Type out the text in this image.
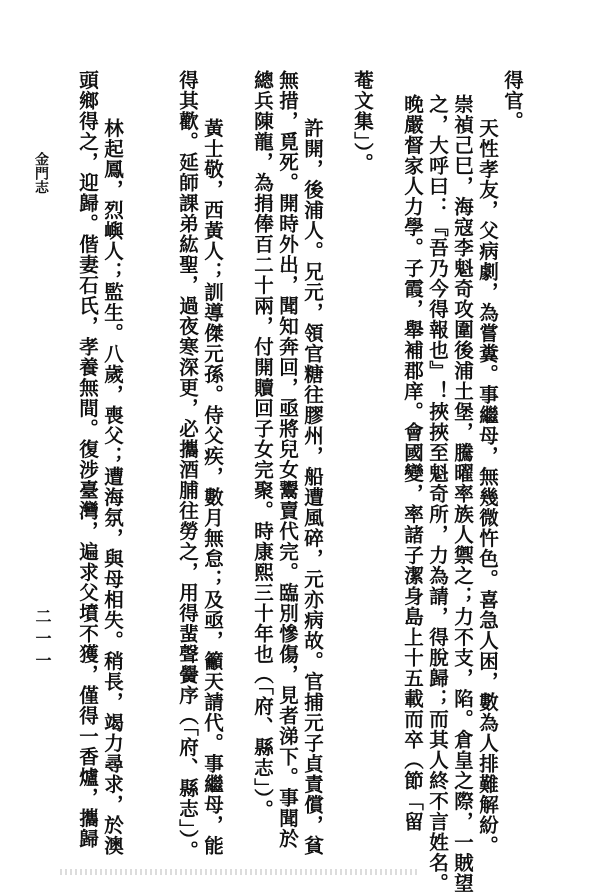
得官。
天性孝友，父病劇，為嘗糞。事繼母，無幾微忤色。喜急人困，數為人排難解紛。
崇禎己巳，海寇李魁奇攻圍後浦土堡，騰曜率族人禦之；力不支，陷。倉皇之際，一賊望
之，大呼曰：『吾乃今得報也』！挾挾至魁奇所，力為請，得脫歸；而其人終不言姓名。
晚嚴督家人力學。子霞，舉補郡庠。會國變，率諸子潔身島上十五載而卒（節「留
菴文集」）。
許開，後浦人。兄元，領官糖往膠州，船遭風碎，元亦病故。官捕元子貞責償，貧
無措，覓死。開時外出，聞知奔回，亟將兒女鬻賣代完。臨別慘傷，見者涕下。事聞於
總兵陳龍，為捐俸百二十兩，付開贖回子女完聚。時康熙三十年也（「府、縣志」）。
黃士敬，西黃人；訓導傑元孫。侍父疾，數月無怠；及亟，籲天請代。事繼母，能
得其歡。延師課弟紘聖，過夜寒深更，必攜酒脯往勞之，用得蜚聲黌序（「府、縣志」）。
林起鳳，烈嶼人；監生。八歲，喪父；遭海氛，與母相失。稍長，竭力尋求，於澳
頭鄉得之，迎歸。偕妻石氏，孝養無間。復涉臺灣，遍求父墳不獲，僅得一香爐，攜歸
金門志
二一一
